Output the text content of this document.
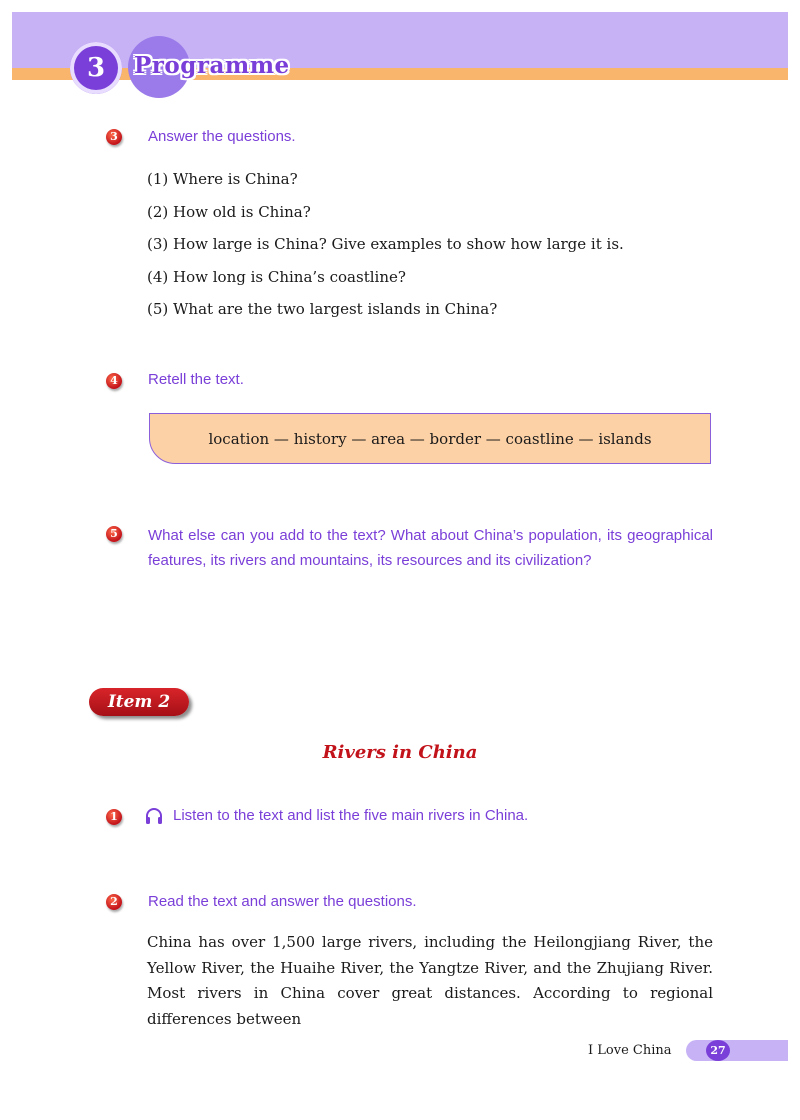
3	Programme
3 Answer the questions.
(1) Where is China?
(2) How old is China?
(3) How large is China? Give examples to show how large it is.
(4) How long is China’s coastline?
(5) What are the two largest islands in China?
4 Retell the text.
location — history — area — border — coastline — islands
5 What else can you add to the text? What about China’s population, its geographical features, its rivers and mountains, its resources and its civilization?

Item 2
Rivers in China
1	Listen to the text and list the five main rivers in China.
2 Read the text and answer the questions.

China has over 1,500 large rivers, including the Heilongjiang River, the Yellow River, the Huaihe River, the Yangtze River, and the Zhujiang River. Most rivers in China cover great distances. According to regional differences between

I Love China	27
